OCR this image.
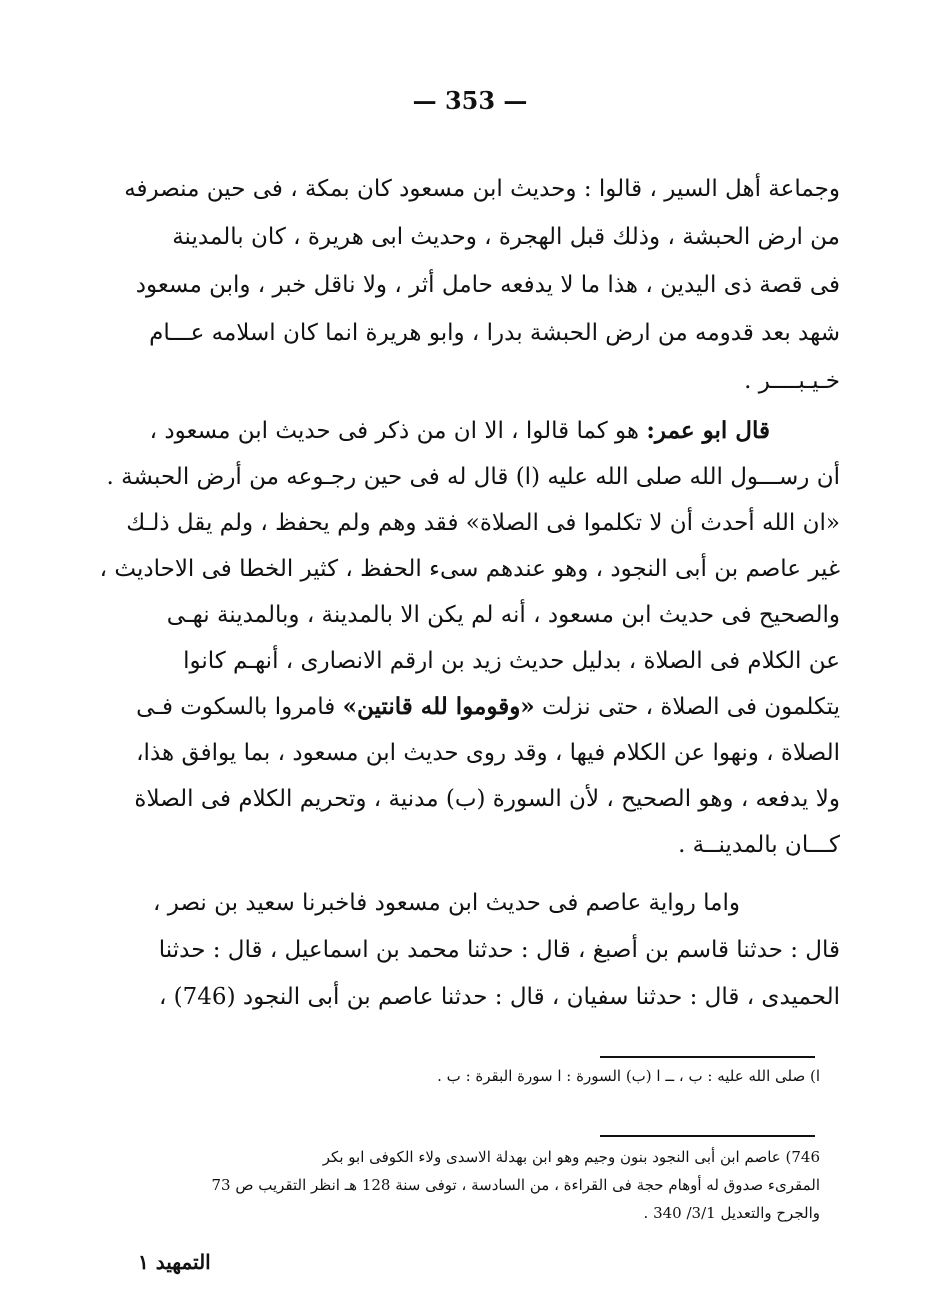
— 353 —
وجماعة أهل السير ، قالوا : وحديث ابن مسعود كان بمكة ، فى حين منصرفه
من ارض الحبشة ، وذلك قبل الهجرة ، وحديث ابى هريرة ، كان بالمدينة
فى قصة ذى اليدين ، هذا ما لا يدفعه حامل أثر ، ولا ناقل خبر ، وابن مسعود
شهد بعد قدومه من ارض الحبشة بدرا ، وابو هريرة انما كان اسلامه عـــام
خـيـبــــر .
قال ابو عمر: هو كما قالوا ، الا ان من ذكر فى حديث ابن مسعود ،
أن رســـول الله صلى الله عليه (ا) قال له فى حين رجـوعه من أرض الحبشة .
«ان الله أحدث أن لا تكلموا فى الصلاة» فقد وهم ولم يحفظ ، ولم يقل ذلـك
غير عاصم بن أبى النجود ، وهو عندهم سىء الحفظ ، كثير الخطا فى الاحاديث ،
والصحيح فى حديث ابن مسعود ، أنه لم يكن الا بالمدينة ، وبالمدينة نهـى
عن الكلام فى الصلاة ، بدليل حديث زيد بن ارقم الانصارى ، أنهـم كانوا
يتكلمون فى الصلاة ، حتى نزلت «وقوموا لله قانتين» فامروا بالسكوت فـى
الصلاة ، ونهوا عن الكلام فيها ، وقد روى حديث ابن مسعود ، بما يوافق هذا،
ولا يدفعه ، وهو الصحيح ، لأن السورة (ب) مدنية ، وتحريم الكلام فى الصلاة
كـــان بالمدينــة .
واما رواية عاصم فى حديث ابن مسعود فاخبرنا سعيد بن نصر ،
قال : حدثنا قاسم بن أصبغ ، قال : حدثنا محمد بن اسماعيل ، قال : حدثنا
الحميدى ، قال : حدثنا سفيان ، قال : حدثنا عاصم بن أبى النجود (746) ،
ا) صلى الله عليه : ب ، ــ ا (ب) السورة : ا سورة البقرة : ب .
746) عاصم ابن أبى النجود بنون وجيم وهو ابن بهدلة الاسدى ولاء الكوفى ابو بكر
المقرىء صدوق له أوهام حجة فى القراءة ، من السادسة ، توفى سنة 128 هـ انظر التقريب ص 73
والجرح والتعديل 3/1/ 340 .
التمهيد ١
